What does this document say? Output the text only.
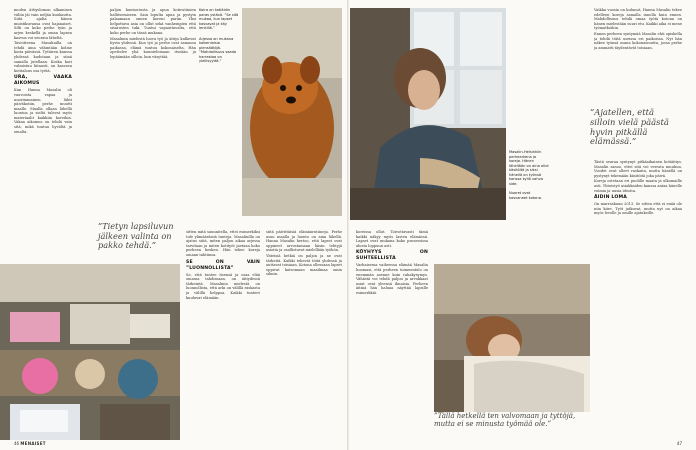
moden ättiyslomon alkamisen väliin jäi vain neljän kuukautta. Siitä ajalta hänen muistikuvansa ovat hajanaiset. Silti on koko perhe työn ja arjen keskellä ja oman lapsen kasvua voi seurata läheltä.

Tavoitteena Masalinilla on tehdä aina vähintään kolme koria päivässä. Tyttären kanssa yhdessä kudotaan ja siinä samalla jutellaan. Koska kori valmistuu hitaasti, on kasvava kotitalous osa työtä.

URA, VAAKA AIKOMUS

Kun Hanna Masalin oli vauvoista vapaa ja nuorimmainen lähti päiväkotiin, perhe muutti maalle. Maalla ollaan lähellä luontoa ja sieltä tulevat myös materiaalit kaikkiin koreihin. Vakaa aikomus on tehdä vain sitä, mikä tuntuu hyvältä ja omalta.

paljon kuntoutusta ja apua kotirutiinien hallitsemiseen. Sain lopulta apua ja pystyin palaamaan omien koreni pariin. Yksi helpottava asia on ollut sekä vanhempien että sisarusten tuki. Tuntui vapauttavalta, että koko perhe on tässä mukana.

Masalinin mielestä luova työ ja äitiys kulkevat hyvin yhdessä. Kun työ ja perhe ovat samassa paikassa, elämä tuntuu kokonaiselta. Hän opettelee yhä kuuntelemaan itseään ja lepäämään silloin, kun väsyttää.

Koira on kotiäidin paras ystävä. ”Se sitä mukaa, kun lapset kasvavat ja käy lenkillä.”
Arjessa on mukana kaikenlaisia piensäätöjä. ”Mahdollisuus saada harrastaa on ylellisyyttä.”
”Tietyn lapsiluvun jälkeen valinta on pakko tehdä.”

sitten mitä suunnitella, ettei esimerkiksi tule ylimääräisiä tunteja. Masalinilla on ajatus siitä, miten paljon aikaa arjessa tarvitaan ja miten kotityöt jaetaan koko perheen kesken. Hän tekee koreja omaan tahtiinsa.

SE ON VAIN ”LUONNOLLISTA”

Se, että tuntee itsensä ja osaa elää omassa tahdissaan, on äitiydessä tärkeintä. Masalinin mielestä on luonnollista, että arki on välillä raskasta ja välillä helppoa. Kaikki tunteet kuuluvat elämään.

siitä päivittäisiä elämänrutiineja. Perhe asuu maalla ja luonto on aina lähellä. Hanna Masalin kertoo, että lapset ovat oppineet arvostamaan käsin tehtyjä asioita ja osallistuvat mielellään työhön.

Yhteisiä hetkiä on paljon ja ne ovat tärkeitä. Kaikki tekevät töitä yhdessä ja auttavat toisiaan. Kotona ollessaan lapset oppivat katsomaan maailmaa omin silmin.

46 MENAISET

koreissa ollut. Toivottavasti tämä kaikki näkyy myös lasten elämässä. Lapset ovat mukana koko prosessissa alusta loppuun asti.

KÖYHYYS ON SUHTEELLISTA

Varhaisessa vaiheessa elämää Masalin huomasi, että perheen toimeentulo on enemmän asenne kuin rahakysymys. Vähästä voi tehdä paljon ja arvokkaat asiat ovat yleensä ilmaisia. Perheen äitinä hän haluaa näyttää lapsille esimerkkiä.

Masalin-Helsinkiin perhearkena ja koreja. Hänen lähellään on aina ollut käsitöitä ja siksi hänellä on työnsä kanssa kyllä vahva side.
Nuoret ovat kasvaneet kotona.
”Ajatellen, että silloin vielä päästä hyvin pitkällä elämässä.”

Vaikka vuosia on kulunut, Hanna Masalin tekee edelleen koreja samalla innolla kuin ennen. Mahdollisuus tehdä omaa työtä kotona on hänen mielestään suuri etu. Kaikki aika ei mene työmatkoihin.

Ennen perheen syntymää Masalin ehti opiskella ja tehdä töitä useissa eri paikoissa. Nyt hän näkee työnsä osana kokonaisuutta, jossa perhe ja ammatti täydentävät toisiaan.

Tästä seuraa syntynyt pitkäaikainen kotiäitiys. Masalin sanoo, ettei sitä voi verrata muuhun. Vuodet ovat olleet raskaita, mutta hänellä on pystynyt tekemään käsitöitä joka päivä.

Koreja ostetaan eri puolille maata ja ulkomaille asti. Yhteistyö asiakkaiden kanssa antaa hänelle voimia ja uusia ideoita.

ÄIDIN LOMA

On marraskuun 2013. Se sitten että ei enää ole niin kiire. Työt jatkuvat, mutta nyt on aikaa myös levolle ja omille ajatuksille.

”Tällä hetkellä ten valvomaan ja tyttöjä, mutta ei se minusta työmää ole.”
47
